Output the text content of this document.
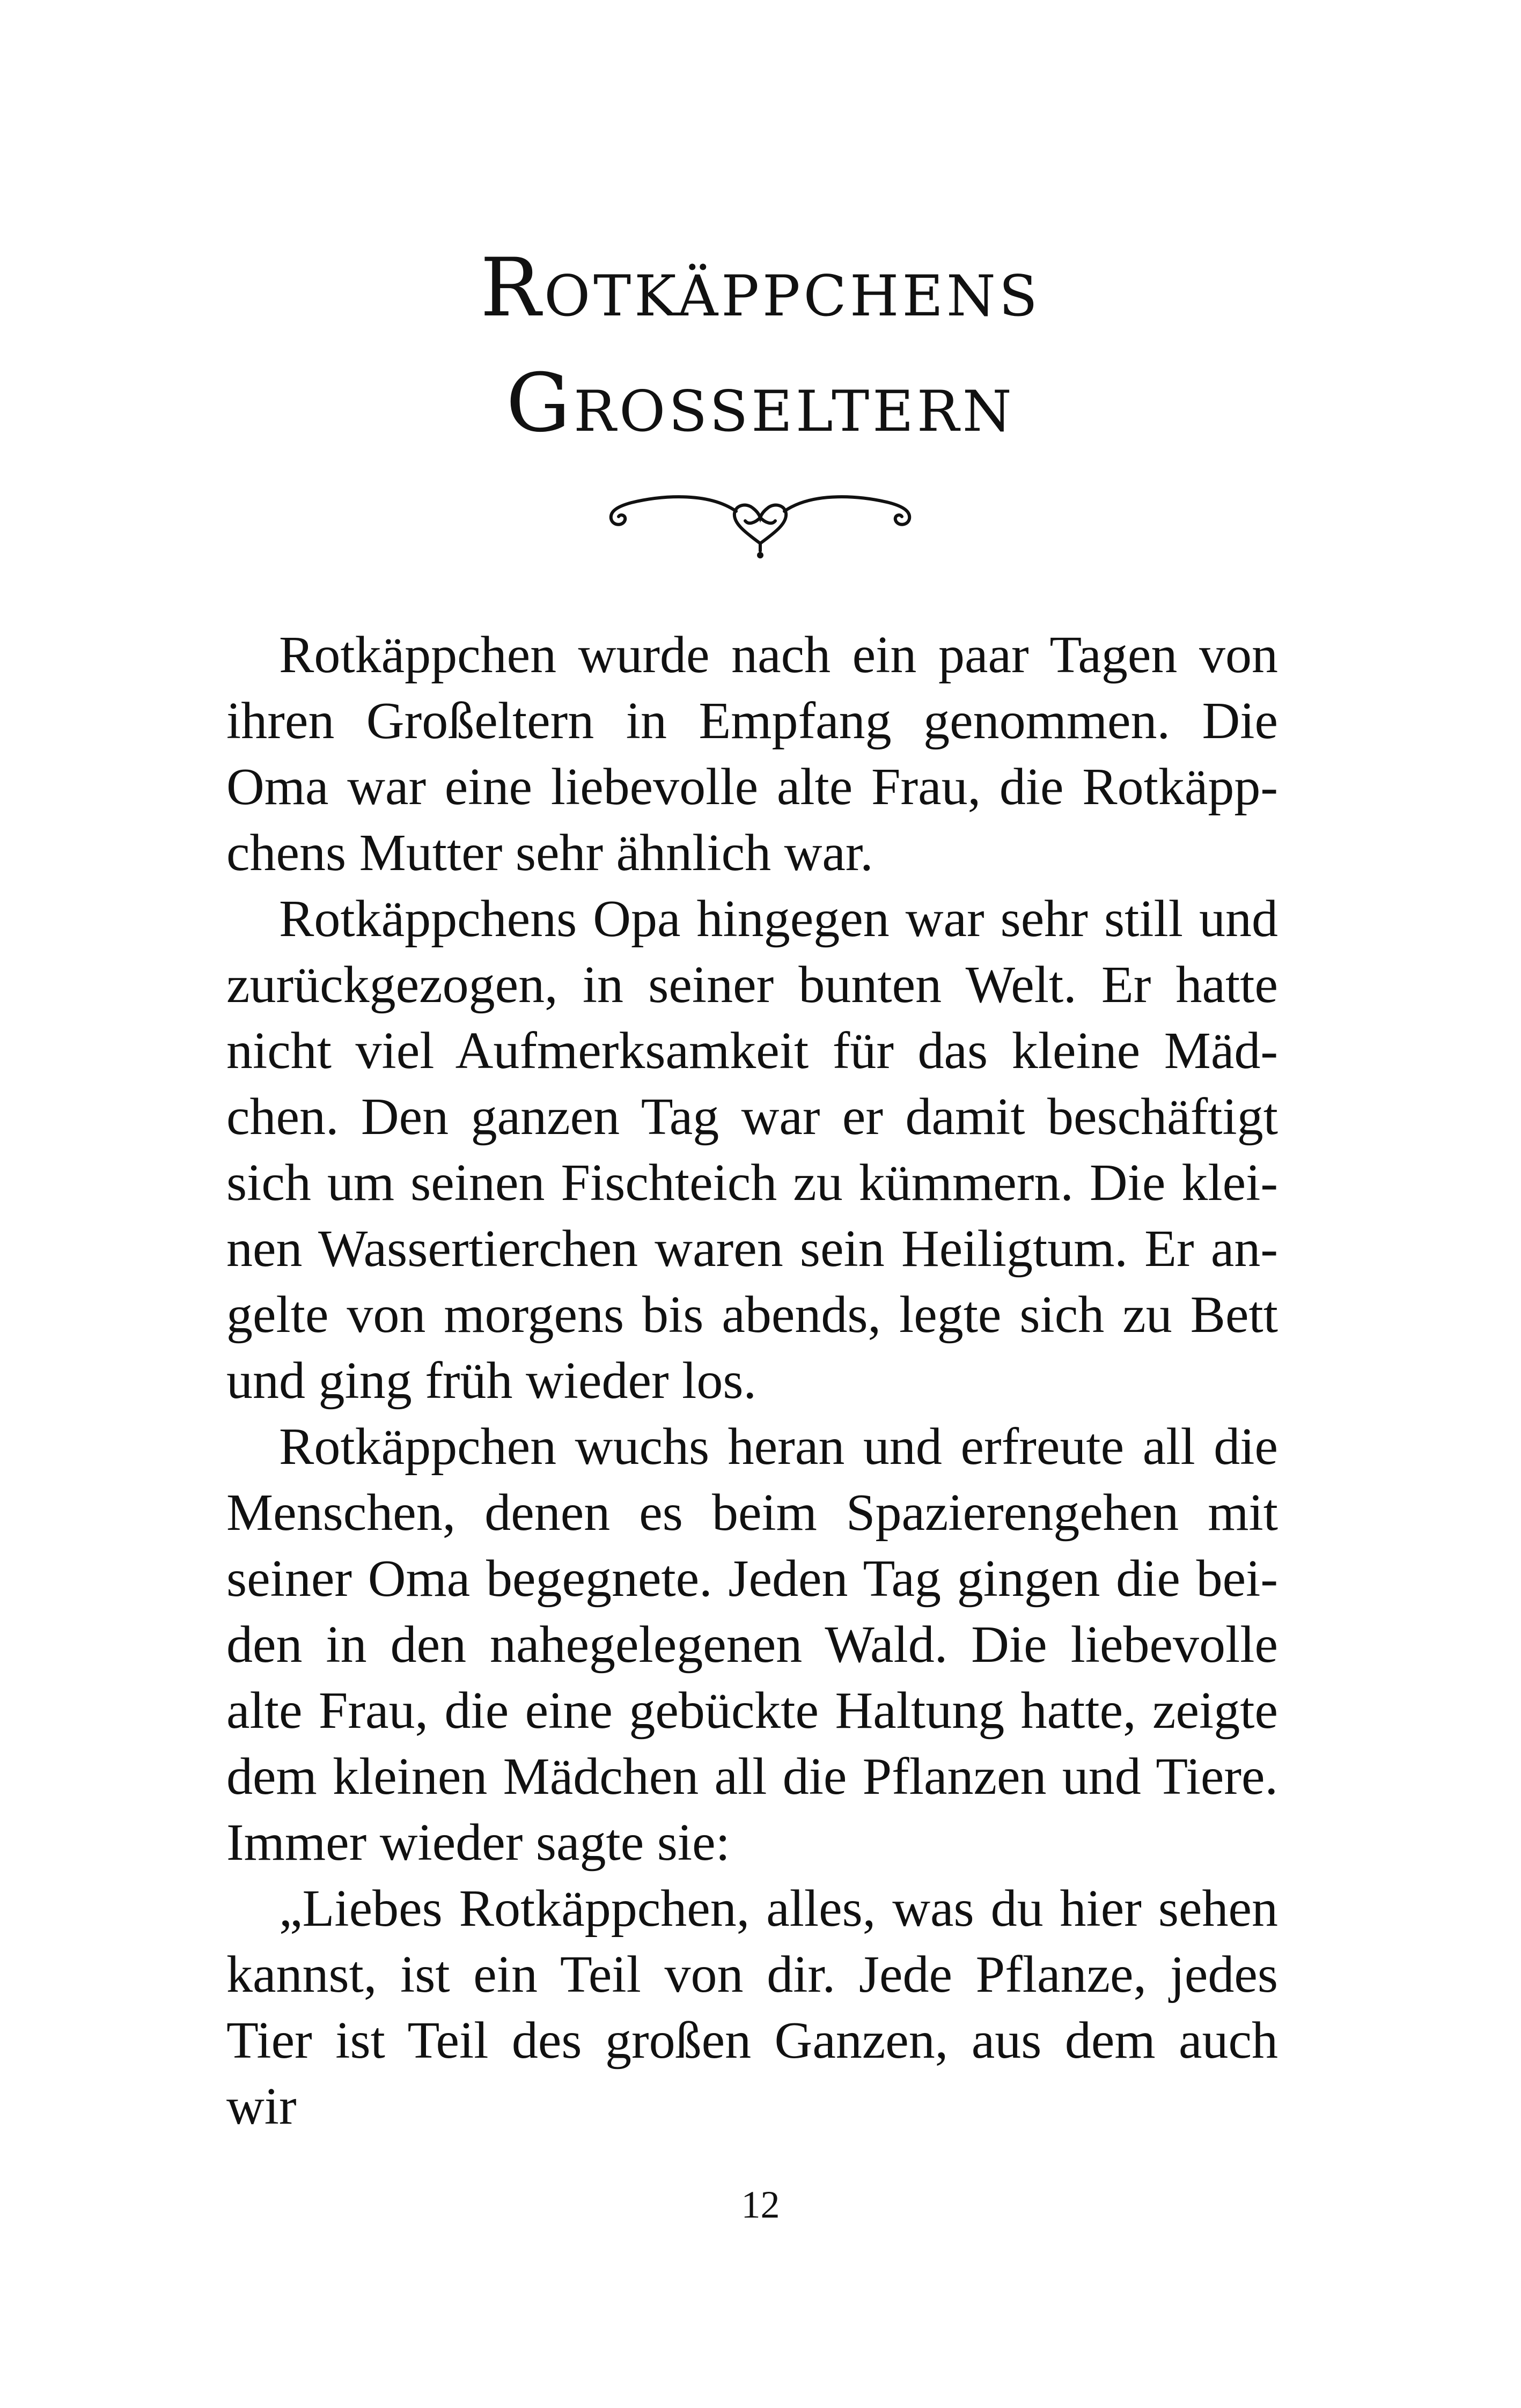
Rotkäppchens
Grosseltern

Rotkäppchen wurde nach ein paar Tagen von ihren Großeltern in Empfang genommen. Die Oma war eine liebevolle alte Frau, die Rotkäppchens Mutter sehr ähnlich war.

Rotkäppchens Opa hingegen war sehr still und zurückgezogen, in seiner bunten Welt. Er hatte nicht viel Aufmerksamkeit für das kleine Mädchen. Den ganzen Tag war er damit beschäftigt sich um seinen Fischteich zu kümmern. Die kleinen Wassertierchen waren sein Heiligtum. Er angelte von morgens bis abends, legte sich zu Bett und ging früh wieder los.

Rotkäppchen wuchs heran und erfreute all die Menschen, denen es beim Spazierengehen mit seiner Oma begegnete. Jeden Tag gingen die beiden in den nahegelegenen Wald. Die liebevolle alte Frau, die eine gebückte Haltung hatte, zeigte dem kleinen Mädchen all die Pflanzen und Tiere. Immer wieder sagte sie:

„Liebes Rotkäppchen, alles, was du hier sehen kannst, ist ein Teil von dir. Jede Pflanze, jedes Tier ist Teil des großen Ganzen, aus dem auch wir

12
